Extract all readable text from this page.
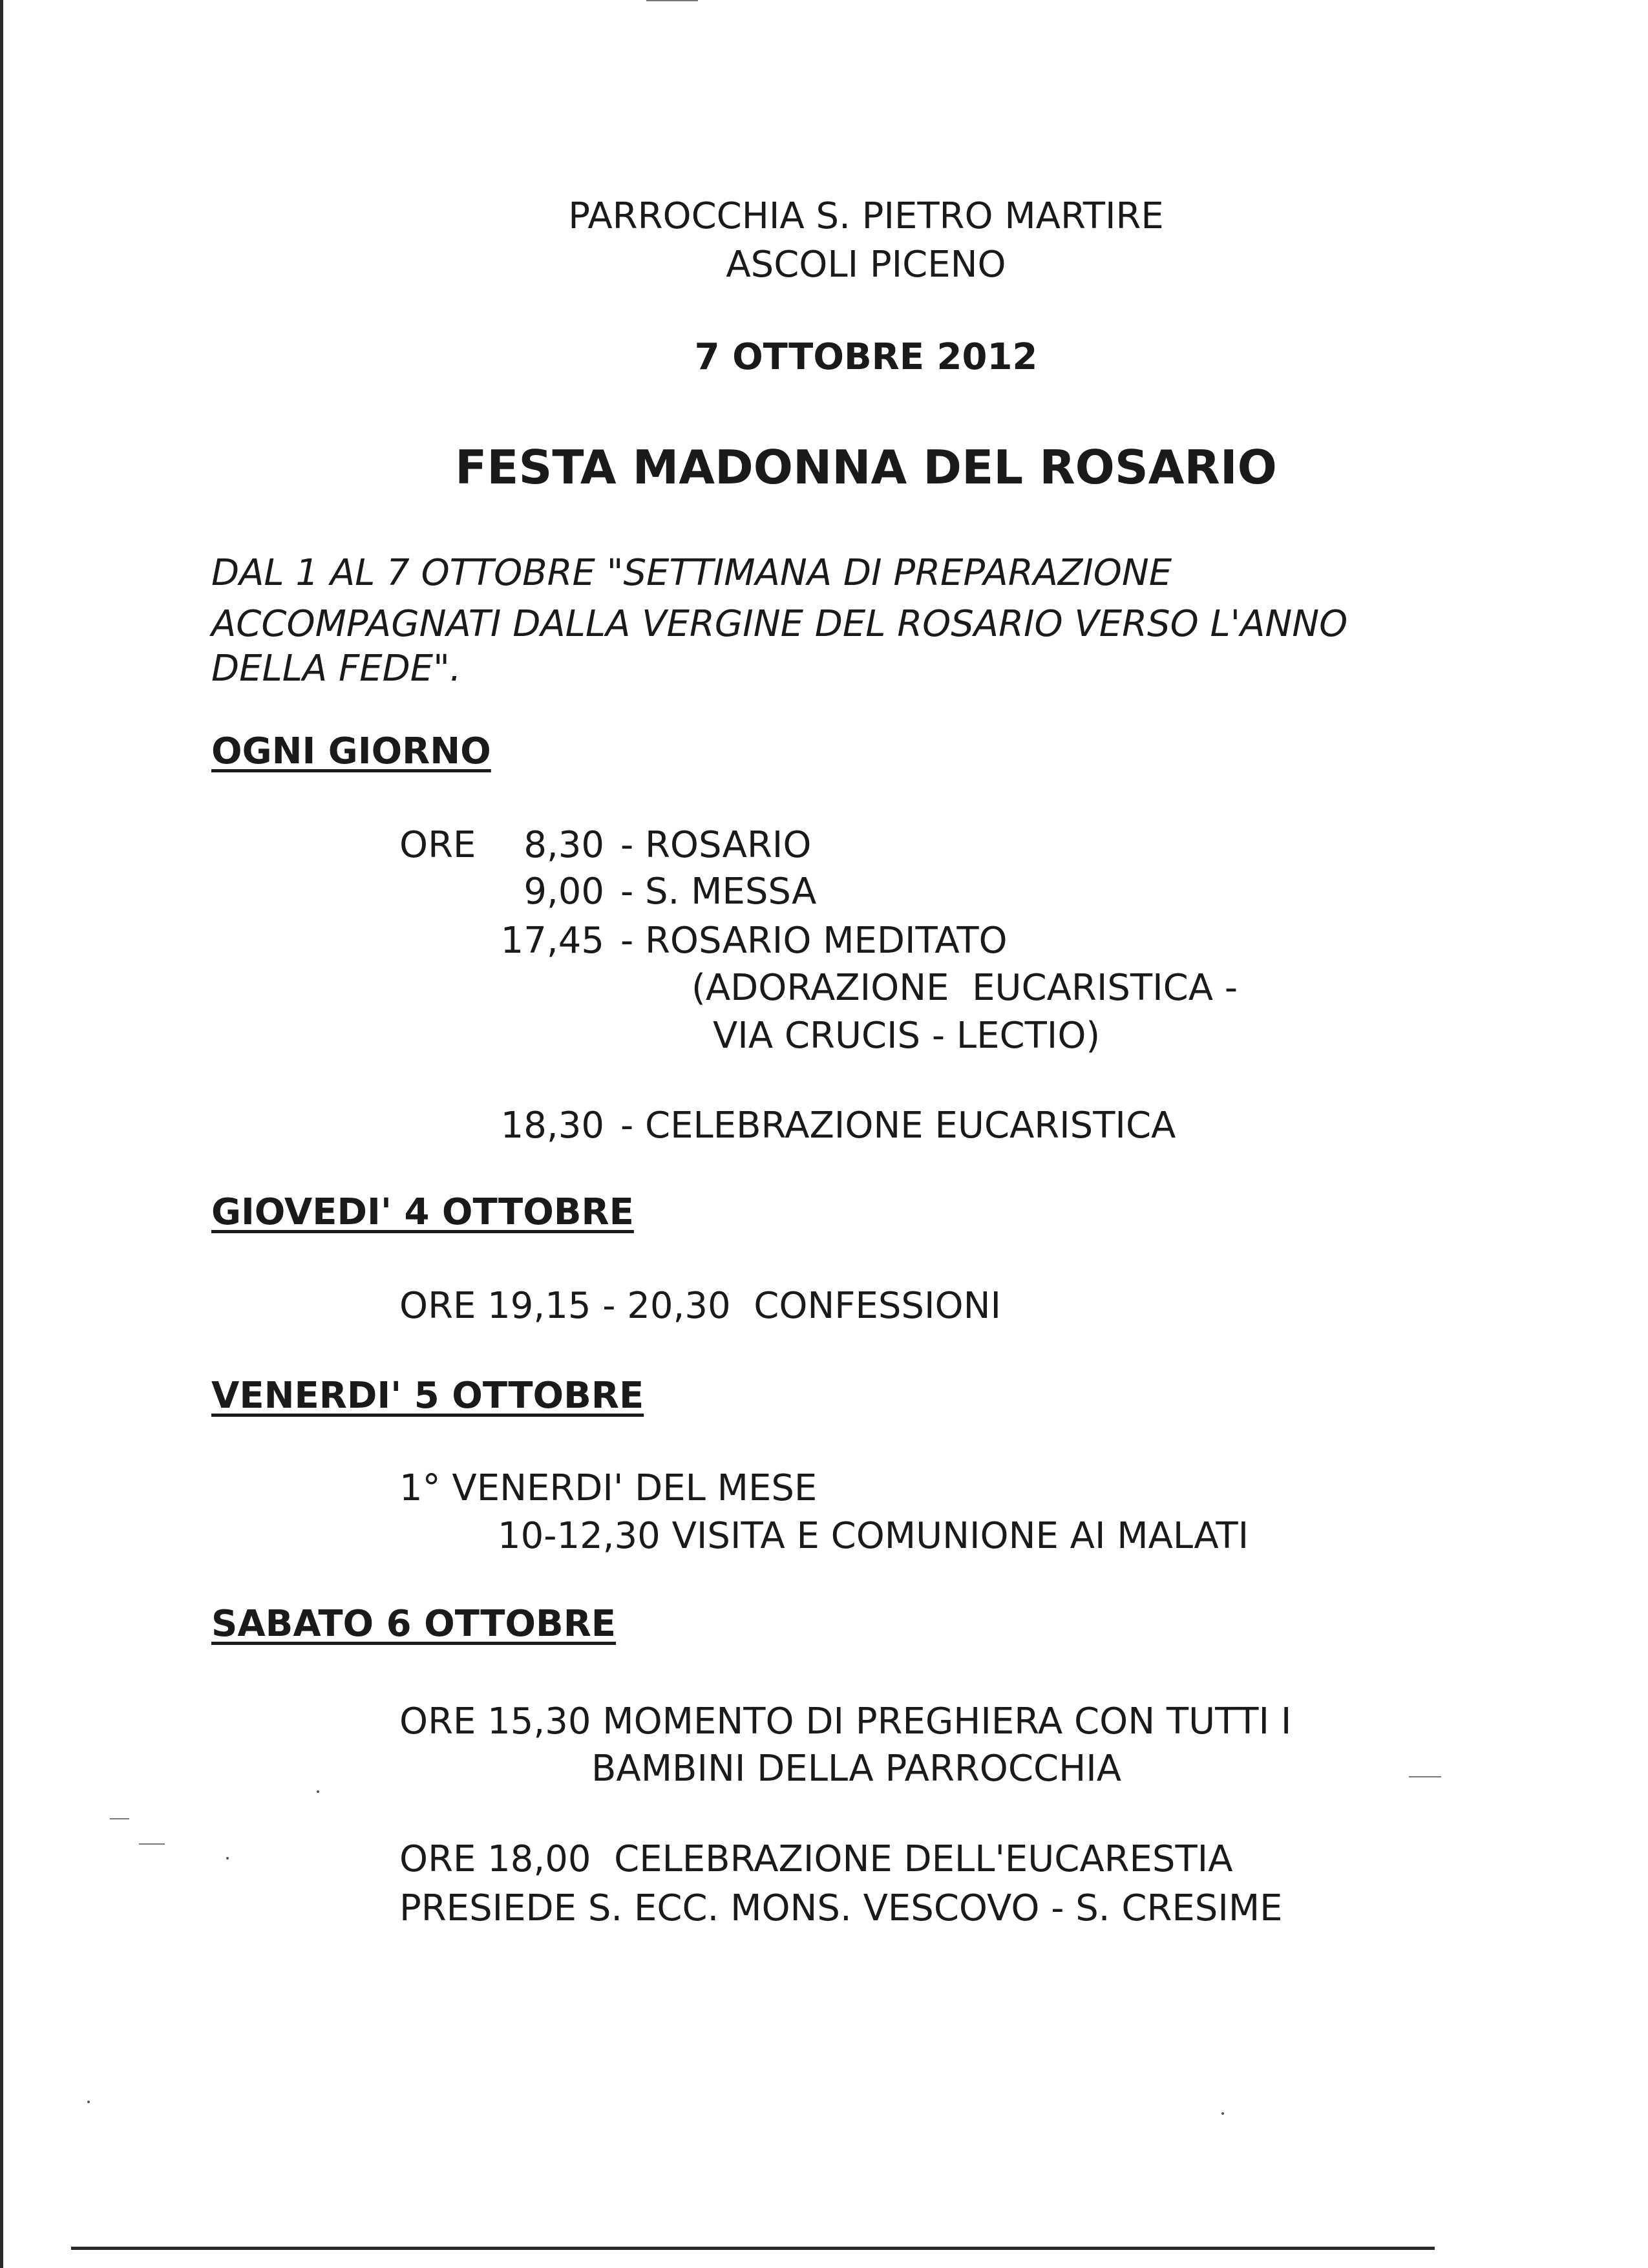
PARROCCHIA S. PIETRO MARTIRE
ASCOLI PICENO
7 OTTOBRE 2012
FESTA MADONNA DEL ROSARIO
DAL 1 AL 7 OTTOBRE "SETTIMANA DI PREPARAZIONE
ACCOMPAGNATI DALLA VERGINE DEL ROSARIO VERSO L'ANNO
DELLA FEDE".
OGNI GIORNO
ORE	8,30 - ROSARIO
9,00 - S. MESSA
17,45 - ROSARIO MEDITATO
(ADORAZIONE  EUCARISTICA -
VIA CRUCIS - LECTIO)
18,30 - CELEBRAZIONE EUCARISTICA
GIOVEDI' 4 OTTOBRE
ORE 19,15 - 20,30  CONFESSIONI
VENERDI' 5 OTTOBRE
1° VENERDI' DEL MESE
10-12,30 VISITA E COMUNIONE AI MALATI
SABATO 6 OTTOBRE
ORE 15,30 MOMENTO DI PREGHIERA CON TUTTI I
BAMBINI DELLA PARROCCHIA
ORE 18,00  CELEBRAZIONE DELL'EUCARESTIA
PRESIEDE S. ECC. MONS. VESCOVO - S. CRESIME
